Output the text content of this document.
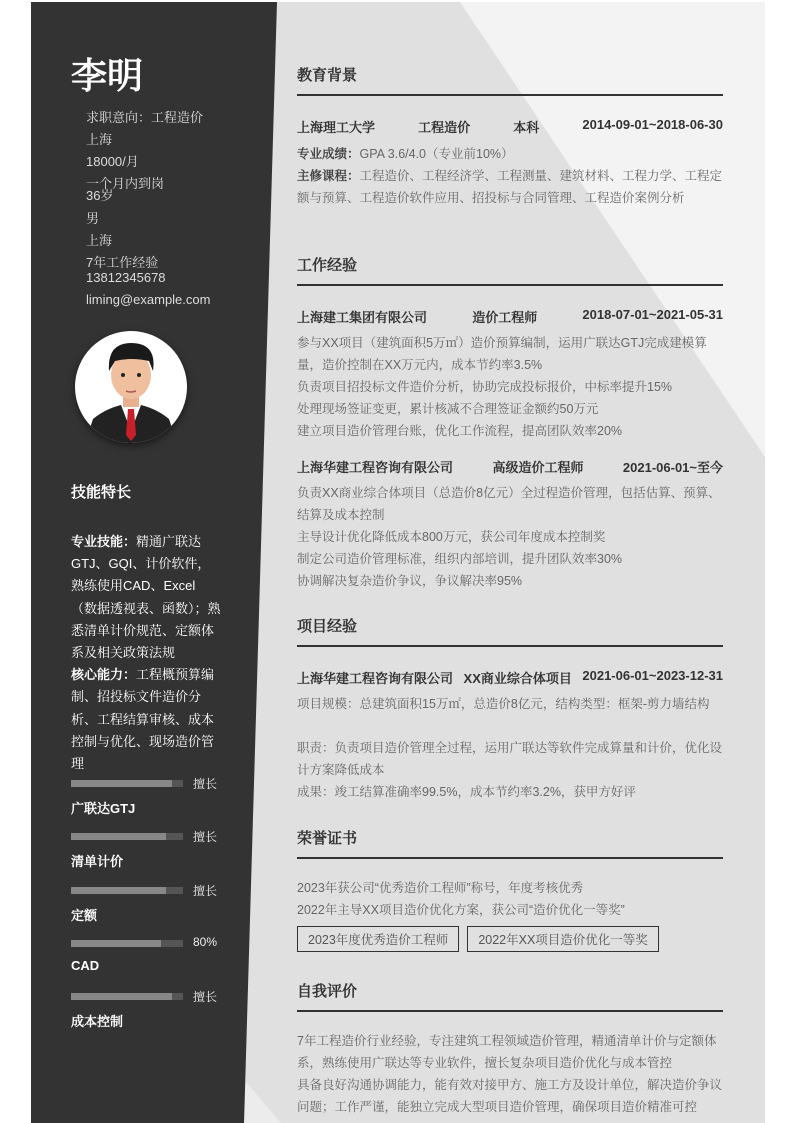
李明
求职意向：工程造价
上海
18000/月
一个月内到岗
36岁
男
上海
7年工作经验
13812345678
liming@example.com
技能特长
专业技能：精通广联达GTJ、GQI、计价软件，熟练使用CAD、Excel（数据透视表、函数）；熟悉清单计价规范、定额体系及相关政策法规
核心能力：工程概预算编制、招投标文件造价分析、工程结算审核、成本控制与优化、现场造价管理
擅长
广联达GTJ
擅长
清单计价
擅长
定额
80%
CAD
擅长
成本控制
教育背景
上海理工大学	工程造价	本科	2014-09-01~2018-06-30
专业成绩：GPA 3.6/4.0（专业前10%）
主修课程：工程造价、工程经济学、工程测量、建筑材料、工程力学、工程定额与预算、工程造价软件应用、招投标与合同管理、工程造价案例分析
工作经验
上海建工集团有限公司	造价工程师	2018-07-01~2021-05-31
参与XX项目（建筑面积5万㎡）造价预算编制，运用广联达GTJ完成建模算量，造价控制在XX万元内，成本节约率3.5%
负责项目招投标文件造价分析，协助完成投标报价，中标率提升15%
处理现场签证变更，累计核减不合理签证金额约50万元
建立项目造价管理台账，优化工作流程，提高团队效率20%
上海华建工程咨询有限公司	高级造价工程师	2021-06-01~至今
负责XX商业综合体项目（总造价8亿元）全过程造价管理，包括估算、预算、结算及成本控制
主导设计优化降低成本800万元，获公司年度成本控制奖
制定公司造价管理标准，组织内部培训，提升团队效率30%
协调解决复杂造价争议，争议解决率95%
项目经验
上海华建工程咨询有限公司 XX商业综合体项目 2021-06-01~2023-12-31
项目规模：总建筑面积15万㎡，总造价8亿元，结构类型：框架-剪力墙结构
职责：负责项目造价管理全过程，运用广联达等软件完成算量和计价，优化设计方案降低成本
成果：竣工结算准确率99.5%，成本节约率3.2%，获甲方好评
荣誉证书
2023年获公司“优秀造价工程师”称号，年度考核优秀
2022年主导XX项目造价优化方案，获公司“造价优化一等奖”
2023年度优秀造价工程师	2022年XX项目造价优化一等奖
自我评价
7年工程造价行业经验，专注建筑工程领域造价管理，精通清单计价与定额体系，熟练使用广联达等专业软件，擅长复杂项目造价优化与成本管控
具备良好沟通协调能力，能有效对接甲方、施工方及设计单位，解决造价争议问题；工作严谨，能独立完成大型项目造价管理，确保项目造价精准可控
